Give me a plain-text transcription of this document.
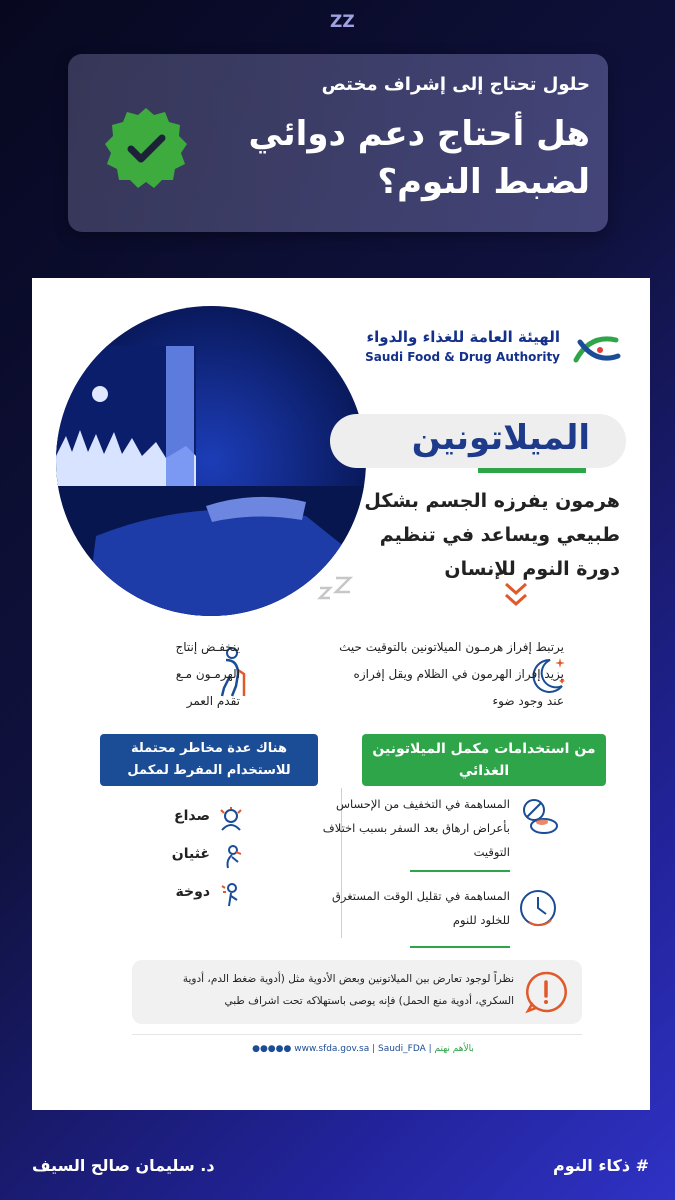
ZZ
حلول تحتاج إلى إشراف مختص
هل أحتاج دعم دوائي لضبط النوم؟
الهيئة العامة للغذاء والدواء
Saudi Food & Drug Authority
الميلاتونين
هرمون يفرزه الجسم بشكل طبيعي ويساعد في تنظيم دورة النوم للإنسان
يرتبط إفراز هرمـون الميلاتونين بالتوقيت حيث يزيد إفراز الهرمون في الظلام ويقل إفرازه عند وجود ضوء
ينخفـض إنتاج الهرمـون مـع تقدم العمر
من استخدامات مكمل الميلاتونين الغذائي
هناك عدة مخاطر محتملة للاستخدام المفرط لمكمل الميلاتونين منها
المساهمة في التخفيف من الإحساس بأعراض ارهاق بعد السفر بسبب اختلاف التوقيت
المساهمة في تقليل الوقت المستغرق للخلود للنوم
صداع
غثيان
دوخة
نظراً لوجود تعارض بين الميلاتونين وبعض الأدوية مثل (أدوية ضغط الدم، أدوية السكري، أدوية منع الحمل) فإنه يوصى باستهلاكه تحت اشراف طبي
بالأهم نهتم | www.sfda.gov.sa | Saudi_FDA ●●●●●
# ذكاء النوم
د. سليمان صالح السيف
